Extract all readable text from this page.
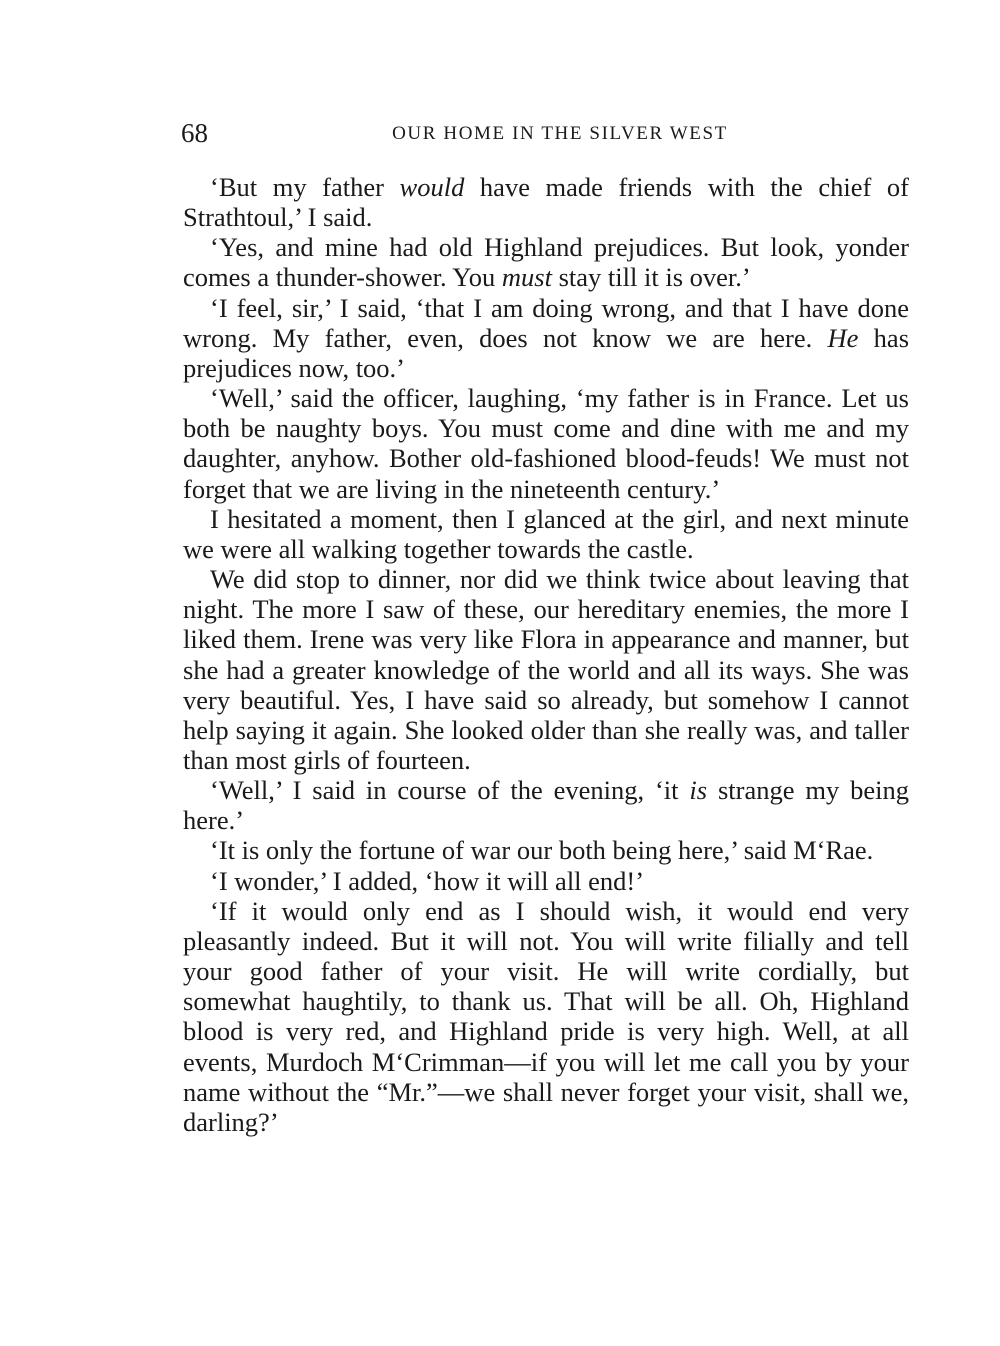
68	OUR HOME IN THE SILVER WEST

‘But my father would have made friends with the chief of Strathtoul,’ I said.

‘Yes, and mine had old Highland prejudices. But look, yonder comes a thunder-shower. You must stay till it is over.’

‘I feel, sir,’ I said, ‘that I am doing wrong, and that I have done wrong. My father, even, does not know we are here. He has prejudices now, too.’

‘Well,’ said the officer, laughing, ‘my father is in France. Let us both be naughty boys. You must come and dine with me and my daughter, anyhow. Bother old-fashioned blood-feuds! We must not forget that we are living in the nineteenth century.’

I hesitated a moment, then I glanced at the girl, and next minute we were all walking together towards the castle.

We did stop to dinner, nor did we think twice about leaving that night. The more I saw of these, our hereditary enemies, the more I liked them. Irene was very like Flora in appearance and manner, but she had a greater knowledge of the world and all its ways. She was very beautiful. Yes, I have said so already, but somehow I cannot help saying it again. She looked older than she really was, and taller than most girls of fourteen.

‘Well,’ I said in course of the evening, ‘it is strange my being here.’

‘It is only the fortune of war our both being here,’ said M‘Rae.

‘I wonder,’ I added, ‘how it will all end!’

‘If it would only end as I should wish, it would end very pleasantly indeed. But it will not. You will write filially and tell your good father of your visit. He will write cordially, but somewhat haughtily, to thank us. That will be all. Oh, Highland blood is very red, and Highland pride is very high. Well, at all events, Murdoch M‘Crimman—if you will let me call you by your name without the “Mr.”—we shall never forget your visit, shall we, darling?’
